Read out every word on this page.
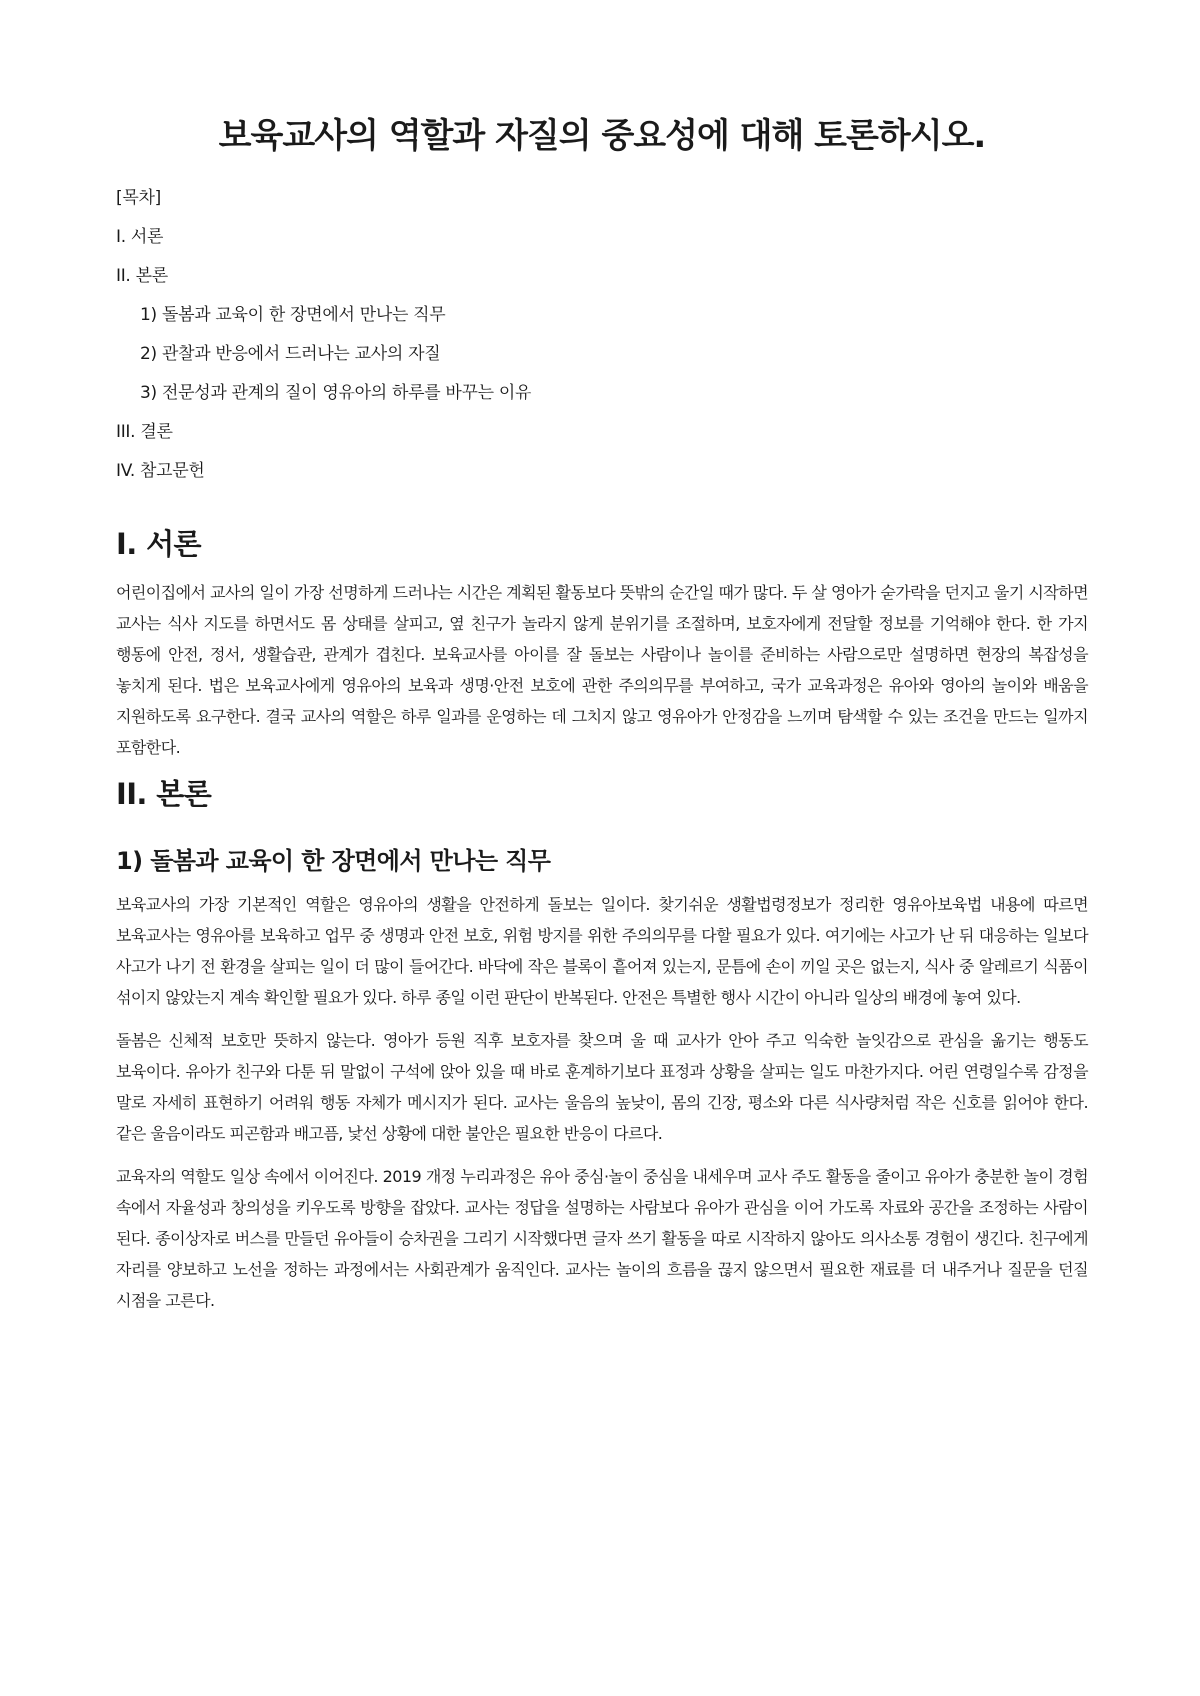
보육교사의 역할과 자질의 중요성에 대해 토론하시오.
[목차]
I. 서론
II. 본론
1) 돌봄과 교육이 한 장면에서 만나는 직무
2) 관찰과 반응에서 드러나는 교사의 자질
3) 전문성과 관계의 질이 영유아의 하루를 바꾸는 이유
III. 결론
IV. 참고문헌
I. 서론

어린이집에서 교사의 일이 가장 선명하게 드러나는 시간은 계획된 활동보다 뜻밖의 순간일 때가 많다. 두 살 영아가 숟가락을 던지고 울기 시작하면 교사는 식사 지도를 하면서도 몸 상태를 살피고, 옆 친구가 놀라지 않게 분위기를 조절하며, 보호자에게 전달할 정보를 기억해야 한다. 한 가지 행동에 안전, 정서, 생활습관, 관계가 겹친다. 보육교사를 아이를 잘 돌보는 사람이나 놀이를 준비하는 사람으로만 설명하면 현장의 복잡성을 놓치게 된다. 법은 보육교사에게 영유아의 보육과 생명·안전 보호에 관한 주의의무를 부여하고, 국가 교육과정은 유아와 영아의 놀이와 배움을 지원하도록 요구한다. 결국 교사의 역할은 하루 일과를 운영하는 데 그치지 않고 영유아가 안정감을 느끼며 탐색할 수 있는 조건을 만드는 일까지 포함한다.

II. 본론
1) 돌봄과 교육이 한 장면에서 만나는 직무

보육교사의 가장 기본적인 역할은 영유아의 생활을 안전하게 돌보는 일이다. 찾기쉬운 생활법령정보가 정리한 영유아보육법 내용에 따르면 보육교사는 영유아를 보육하고 업무 중 생명과 안전 보호, 위험 방지를 위한 주의의무를 다할 필요가 있다. 여기에는 사고가 난 뒤 대응하는 일보다 사고가 나기 전 환경을 살피는 일이 더 많이 들어간다. 바닥에 작은 블록이 흩어져 있는지, 문틈에 손이 끼일 곳은 없는지, 식사 중 알레르기 식품이 섞이지 않았는지 계속 확인할 필요가 있다. 하루 종일 이런 판단이 반복된다. 안전은 특별한 행사 시간이 아니라 일상의 배경에 놓여 있다.

돌봄은 신체적 보호만 뜻하지 않는다. 영아가 등원 직후 보호자를 찾으며 울 때 교사가 안아 주고 익숙한 놀잇감으로 관심을 옮기는 행동도 보육이다. 유아가 친구와 다툰 뒤 말없이 구석에 앉아 있을 때 바로 훈계하기보다 표정과 상황을 살피는 일도 마찬가지다. 어린 연령일수록 감정을 말로 자세히 표현하기 어려워 행동 자체가 메시지가 된다. 교사는 울음의 높낮이, 몸의 긴장, 평소와 다른 식사량처럼 작은 신호를 읽어야 한다. 같은 울음이라도 피곤함과 배고픔, 낯선 상황에 대한 불안은 필요한 반응이 다르다.

교육자의 역할도 일상 속에서 이어진다. 2019 개정 누리과정은 유아 중심·놀이 중심을 내세우며 교사 주도 활동을 줄이고 유아가 충분한 놀이 경험 속에서 자율성과 창의성을 키우도록 방향을 잡았다. 교사는 정답을 설명하는 사람보다 유아가 관심을 이어 가도록 자료와 공간을 조정하는 사람이 된다. 종이상자로 버스를 만들던 유아들이 승차권을 그리기 시작했다면 글자 쓰기 활동을 따로 시작하지 않아도 의사소통 경험이 생긴다. 친구에게 자리를 양보하고 노선을 정하는 과정에서는 사회관계가 움직인다. 교사는 놀이의 흐름을 끊지 않으면서 필요한 재료를 더 내주거나 질문을 던질 시점을 고른다.
